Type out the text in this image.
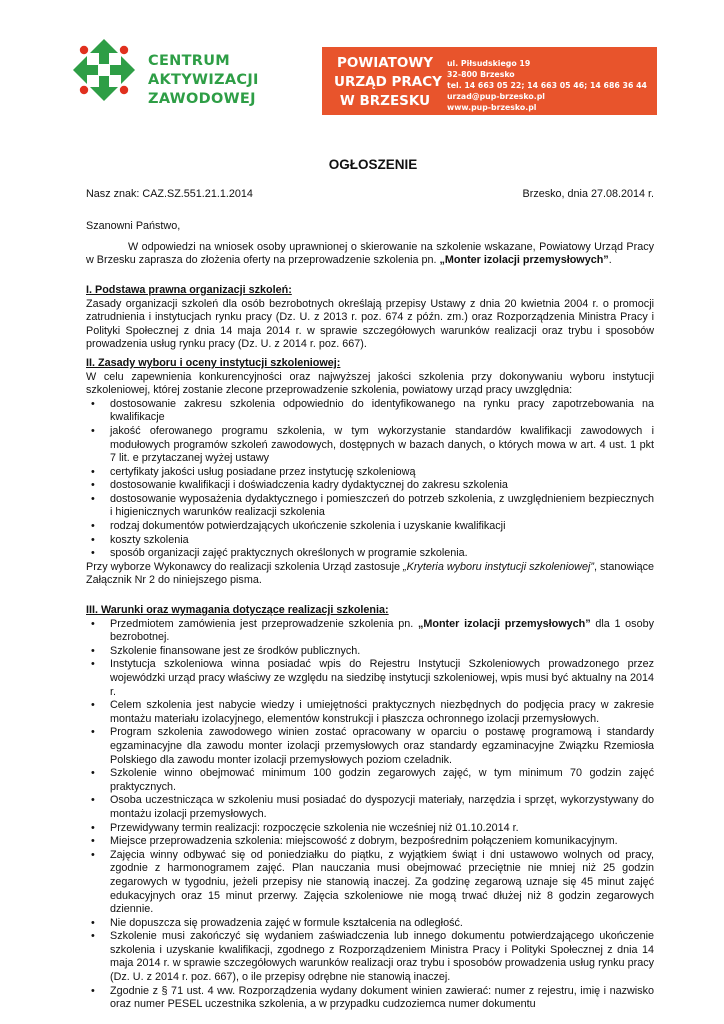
CENTRUM
AKTYWIZACJI
ZAWODOWEJ
POWIATOWY
URZĄD PRACY
W BRZESKU
ul. Piłsudskiego 19
32-800 Brzesko
tel. 14 663 05 22; 14 663 05 46; 14 686 36 44
urzad@pup-brzesko.pl
www.pup-brzesko.pl
OGŁOSZENIE
Nasz znak: CAZ.SZ.551.21.1.2014	Brzesko, dnia 27.08.2014 r.

Szanowni Państwo,

W odpowiedzi na wniosek osoby uprawnionej o skierowanie na szkolenie wskazane, Powiatowy Urząd Pracy w Brzesku zaprasza do złożenia oferty na przeprowadzenie szkolenia pn. „Monter izolacji przemysłowych”.

I. Podstawa prawna organizacji szkoleń:

Zasady organizacji szkoleń dla osób bezrobotnych określają przepisy Ustawy z dnia 20 kwietnia 2004 r. o promocji zatrudnienia i instytucjach rynku pracy (Dz. U. z 2013 r. poz. 674 z późn. zm.) oraz Rozporządzenia Ministra Pracy i Polityki Społecznej z dnia 14 maja 2014 r. w sprawie szczegółowych warunków realizacji oraz trybu i sposobów prowadzenia usług rynku pracy (Dz. U. z 2014 r. poz. 667).

II. Zasady wyboru i oceny instytucji szkoleniowej:

W celu zapewnienia konkurencyjności oraz najwyższej jakości szkolenia przy dokonywaniu wyboru instytucji szkoleniowej, której zostanie zlecone przeprowadzenie szkolenia, powiatowy urząd pracy uwzględnia:

• dostosowanie zakresu szkolenia odpowiednio do identyfikowanego na rynku pracy zapotrzebowania na kwalifikacje
• jakość oferowanego programu szkolenia, w tym wykorzystanie standardów kwalifikacji zawodowych i modułowych programów szkoleń zawodowych, dostępnych w bazach danych, o których mowa w art. 4 ust. 1 pkt 7 lit. e przytaczanej wyżej ustawy
• certyfikaty jakości usług posiadane przez instytucję szkoleniową
• dostosowanie kwalifikacji i doświadczenia kadry dydaktycznej do zakresu szkolenia
• dostosowanie wyposażenia dydaktycznego i pomieszczeń do potrzeb szkolenia, z uwzględnieniem bezpiecznych i higienicznych warunków realizacji szkolenia
• rodzaj dokumentów potwierdzających ukończenie szkolenia i uzyskanie kwalifikacji
• koszty szkolenia
• sposób organizacji zajęć praktycznych określonych w programie szkolenia.

Przy wyborze Wykonawcy do realizacji szkolenia Urząd zastosuje „Kryteria wyboru instytucji szkoleniowej”, stanowiące Załącznik Nr 2 do niniejszego pisma.

III. Warunki oraz wymagania dotyczące realizacji szkolenia:

• Przedmiotem zamówienia jest przeprowadzenie szkolenia pn. „Monter izolacji przemysłowych” dla 1 osoby bezrobotnej.
• Szkolenie finansowane jest ze środków publicznych.
• Instytucja szkoleniowa winna posiadać wpis do Rejestru Instytucji Szkoleniowych prowadzonego przez wojewódzki urząd pracy właściwy ze względu na siedzibę instytucji szkoleniowej, wpis musi być aktualny na 2014 r.
• Celem szkolenia jest nabycie wiedzy i umiejętności praktycznych niezbędnych do podjęcia pracy w zakresie montażu materiału izolacyjnego, elementów konstrukcji i płaszcza ochronnego izolacji przemysłowych.
• Program szkolenia zawodowego winien zostać opracowany w oparciu o postawę programową i standardy egzaminacyjne dla zawodu monter izolacji przemysłowych oraz standardy egzaminacyjne Związku Rzemiosła Polskiego dla zawodu monter izolacji przemysłowych poziom czeladnik.
• Szkolenie winno obejmować minimum 100 godzin zegarowych zajęć, w tym minimum 70 godzin zajęć praktycznych.
• Osoba uczestnicząca w szkoleniu musi posiadać do dyspozycji materiały, narzędzia i sprzęt, wykorzystywany do montażu izolacji przemysłowych.
• Przewidywany termin realizacji: rozpoczęcie szkolenia nie wcześniej niż 01.10.2014 r.
• Miejsce przeprowadzenia szkolenia: miejscowość z dobrym, bezpośrednim połączeniem komunikacyjnym.
• Zajęcia winny odbywać się od poniedziałku do piątku, z wyjątkiem świąt i dni ustawowo wolnych od pracy, zgodnie z harmonogramem zajęć. Plan nauczania musi obejmować przeciętnie nie mniej niż 25 godzin zegarowych w tygodniu, jeżeli przepisy nie stanowią inaczej. Za godzinę zegarową uznaje się 45 minut zajęć edukacyjnych oraz 15 minut przerwy. Zajęcia szkoleniowe nie mogą trwać dłużej niż 8 godzin zegarowych dziennie.
• Nie dopuszcza się prowadzenia zajęć w formule kształcenia na odległość.
• Szkolenie musi zakończyć się wydaniem zaświadczenia lub innego dokumentu potwierdzającego ukończenie szkolenia i uzyskanie kwalifikacji, zgodnego z Rozporządzeniem Ministra Pracy i Polityki Społecznej z dnia 14 maja 2014 r. w sprawie szczegółowych warunków realizacji oraz trybu i sposobów prowadzenia usług rynku pracy (Dz. U. z 2014 r. poz. 667), o ile przepisy odrębne nie stanowią inaczej.
• Zgodnie z § 71 ust. 4 ww. Rozporządzenia wydany dokument winien zawierać: numer z rejestru, imię i nazwisko oraz numer PESEL uczestnika szkolenia, a w przypadku cudzoziemca numer dokumentu
